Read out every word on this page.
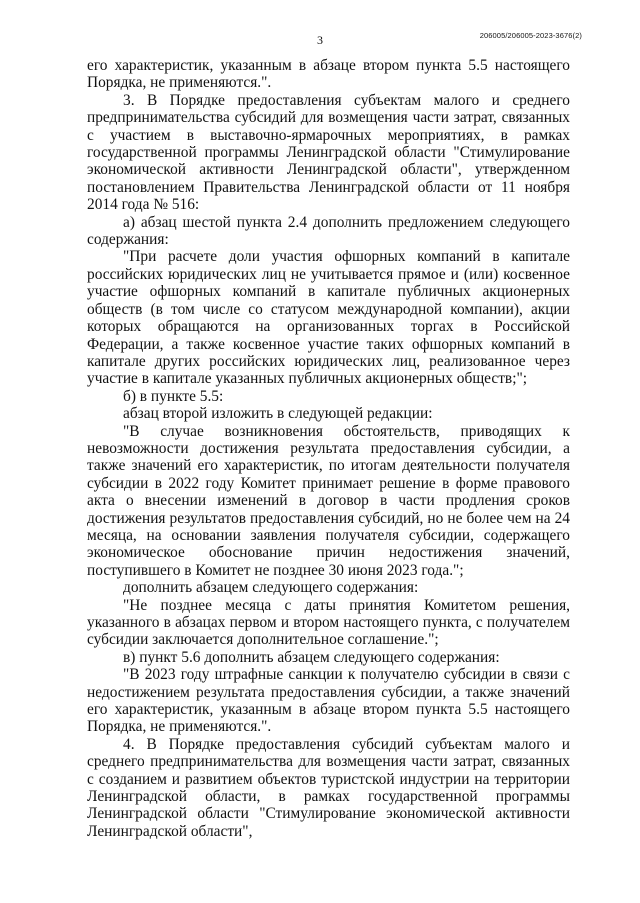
3	206005/206005-2023-3676(2)

его характеристик, указанным в абзаце втором пункта 5.5 настоящего Порядка, не применяются.".

3. В Порядке предоставления субъектам малого и среднего предпринимательства субсидий для возмещения части затрат, связанных с участием в выставочно-ярмарочных мероприятиях, в рамках государственной программы Ленинградской области "Стимулирование экономической активности Ленинградской области", утвержденном постановлением Правительства Ленинградской области от 11 ноября 2014 года № 516:

а) абзац шестой пункта 2.4 дополнить предложением следующего содержания:

"При расчете доли участия офшорных компаний в капитале российских юридических лиц не учитывается прямое и (или) косвенное участие офшорных компаний в капитале публичных акционерных обществ (в том числе со статусом международной компании), акции которых обращаются на организованных торгах в Российской Федерации, а также косвенное участие таких офшорных компаний в капитале других российских юридических лиц, реализованное через участие в капитале указанных публичных акционерных обществ;";

б) в пункте 5.5:

абзац второй изложить в следующей редакции:

"В случае возникновения обстоятельств, приводящих к невозможности достижения результата предоставления субсидии, а также значений его характеристик, по итогам деятельности получателя субсидии в 2022 году Комитет принимает решение в форме правового акта о внесении изменений в договор в части продления сроков достижения результатов предоставления субсидий, но не более чем на 24 месяца, на основании заявления получателя субсидии, содержащего экономическое обоснование причин недостижения значений, поступившего в Комитет не позднее 30 июня 2023 года.";

дополнить абзацем следующего содержания:

"Не позднее месяца с даты принятия Комитетом решения, указанного в абзацах первом и втором настоящего пункта, с получателем субсидии заключается дополнительное соглашение.";

в) пункт 5.6 дополнить абзацем следующего содержания:

"В 2023 году штрафные санкции к получателю субсидии в связи с недостижением результата предоставления субсидии, а также значений его характеристик, указанным в абзаце втором пункта 5.5 настоящего Порядка, не применяются.".

4. В Порядке предоставления субсидий субъектам малого и среднего предпринимательства для возмещения части затрат, связанных с созданием и развитием объектов туристской индустрии на территории Ленинградской области, в рамках государственной программы Ленинградской области "Стимулирование экономической активности Ленинградской области",
